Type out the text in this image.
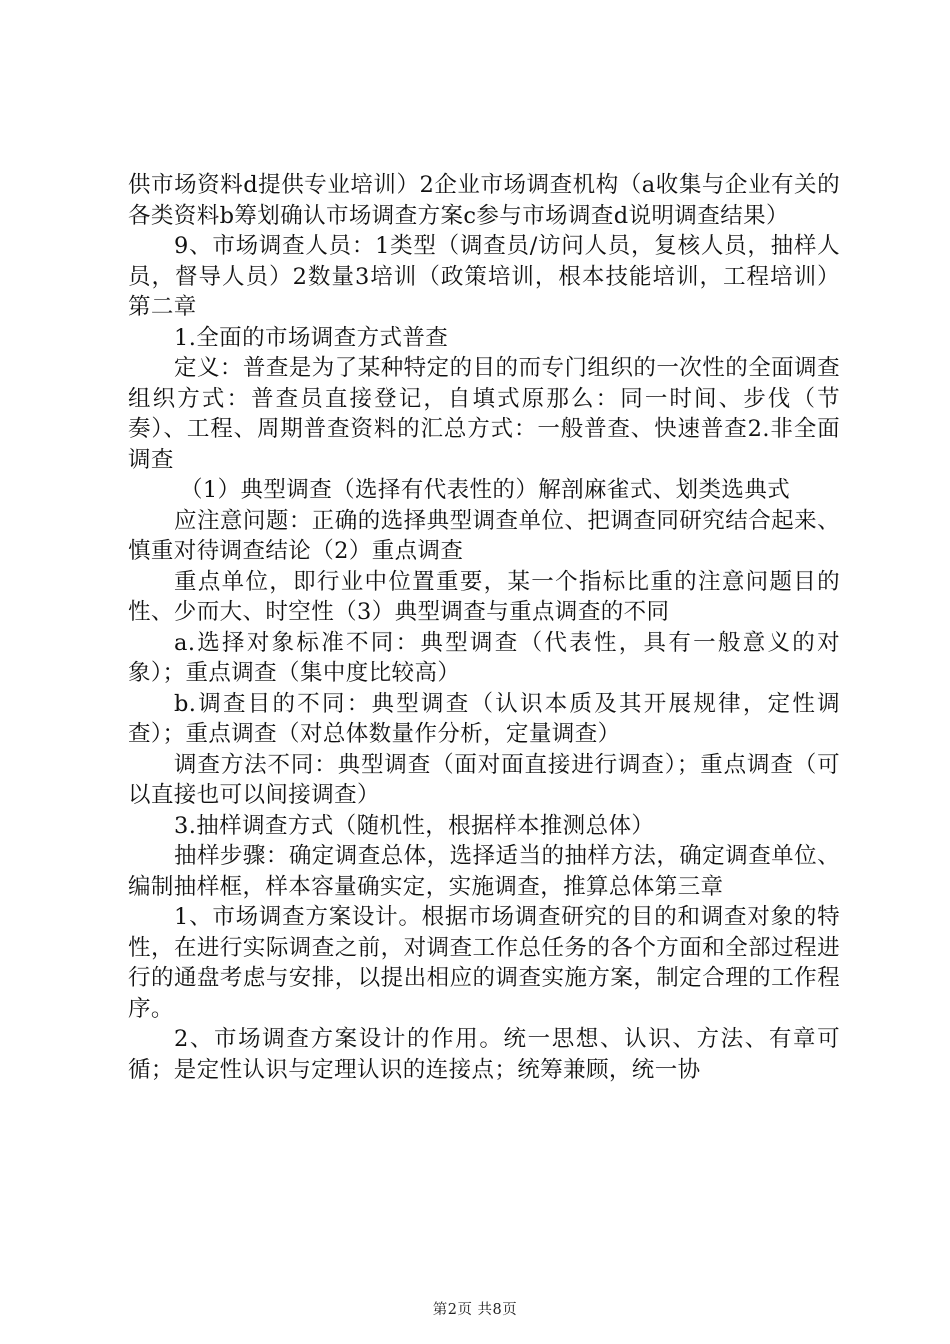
供市场资料d提供专业培训）2企业市场调查机构（a收集与企业有关的各类资料b筹划确认市场调查方案c参与市场调查d说明调查结果）

9、市场调查人员：1类型（调查员/访问人员，复核人员，抽样人员，督导人员）2数量3培训（政策培训，根本技能培训，工程培训）第二章

1.全面的市场调查方式普查

定义：普查是为了某种特定的目的而专门组织的一次性的全面调查组织方式：普查员直接登记，自填式原那么：同一时间、步伐（节奏）、工程、周期普查资料的汇总方式：一般普查、快速普查2.非全面调查

（1）典型调查（选择有代表性的）解剖麻雀式、划类选典式

应注意问题：正确的选择典型调查单位、把调查同研究结合起来、慎重对待调查结论（2）重点调查

重点单位，即行业中位置重要，某一个指标比重的注意问题目的性、少而大、时空性（3）典型调查与重点调查的不同

a.选择对象标准不同：典型调查（代表性，具有一般意义的对象）；重点调查（集中度比较高）

b.调查目的不同：典型调查（认识本质及其开展规律，定性调查）；重点调查（对总体数量作分析，定量调查）

调查方法不同：典型调查（面对面直接进行调查）；重点调查（可以直接也可以间接调查）

3.抽样调查方式（随机性，根据样本推测总体）

抽样步骤：确定调查总体，选择适当的抽样方法，确定调查单位、编制抽样框，样本容量确实定，实施调查，推算总体第三章

1、市场调查方案设计。根据市场调查研究的目的和调查对象的特性，在进行实际调查之前，对调查工作总任务的各个方面和全部过程进行的通盘考虑与安排，以提出相应的调查实施方案，制定合理的工作程序。

2、市场调查方案设计的作用。统一思想、认识、方法、有章可循；是定性认识与定理认识的连接点；统筹兼顾，统一协

第2页 共8页
